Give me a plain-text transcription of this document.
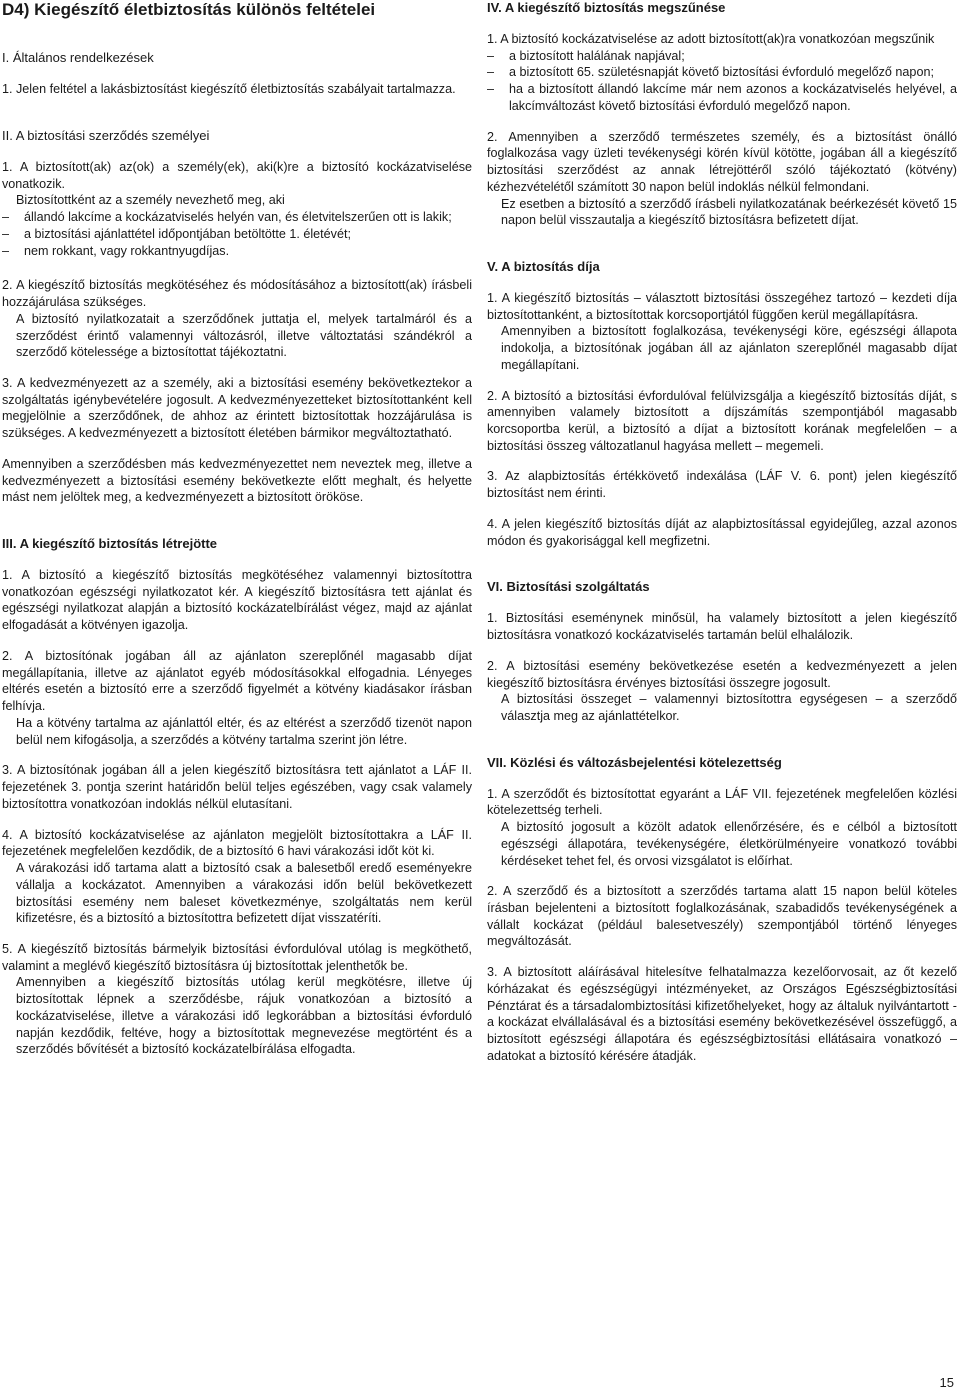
D4) Kiegészítő életbiztosítás különös feltételei
I. Általános rendelkezések

1. Jelen feltétel a lakásbiztosítást kiegészítő életbiztosítás szabályait tartalmazza.

II. A biztosítási szerződés személyei

1. A biztosított(ak) az(ok) a személy(ek), aki(k)re a biztosító kockázatviselése vonatkozik.

Biztosítottként az a személy nevezhető meg, aki

–	állandó lakcíme a kockázatviselés helyén van, és életvitelszerűen ott is lakik;
–	a biztosítási ajánlattétel időpontjában betöltötte 1. életévét;
–	nem rokkant, vagy rokkantnyugdíjas.

2. A kiegészítő biztosítás megkötéséhez és módosításához a biztosított(ak) írásbeli hozzájárulása szükséges.

A biztosító nyilatkozatait a szerződőnek juttatja el, melyek tartalmáról és a szerződést érintő valamennyi változásról, illetve változtatási szándékról a szerződő kötelessége a biztosítottat tájékoztatni.

3. A kedvezményezett az a személy, aki a biztosítási esemény bekövetkeztekor a szolgáltatás igénybevételére jogosult. A kedvezményezetteket biztosítottanként kell megjelölnie a szerződőnek, de ahhoz az érintett biztosítottak hozzájárulása is szükséges. A kedvezményezett a biztosított életében bármikor megváltoztatható.

Amennyiben a szerződésben más kedvezményezettet nem neveztek meg, illetve a kedvezményezett a biztosítási esemény bekövetkezte előtt meghalt, és helyette mást nem jelöltek meg, a kedvezményezett a biztosított örököse.

III. A kiegészítő biztosítás létrejötte

1. A biztosító a kiegészítő biztosítás megkötéséhez valamennyi biztosítottra vonatkozóan egészségi nyilatkozatot kér. A kiegészítő biztosításra tett ajánlat és egészségi nyilatkozat alapján a biztosító kockázatelbírálást végez, majd az ajánlat elfogadását a kötvényen igazolja.

2. A biztosítónak jogában áll az ajánlaton szereplőnél magasabb díjat megállapítania, illetve az ajánlatot egyéb módosításokkal elfogadnia. Lényeges eltérés esetén a biztosító erre a szerződő figyelmét a kötvény kiadásakor írásban felhívja.

Ha a kötvény tartalma az ajánlattól eltér, és az eltérést a szerződő tizenöt napon belül nem kifogásolja, a szerződés a kötvény tartalma szerint jön létre.

3. A biztosítónak jogában áll a jelen kiegészítő biztosításra tett ajánlatot a LÁF II. fejezetének 3. pontja szerint határidőn belül teljes egészében, vagy csak valamely biztosítottra vonatkozóan indoklás nélkül elutasítani.

4. A biztosító kockázatviselése az ajánlaton megjelölt biztosítottakra a LÁF II. fejezetének megfelelően kezdődik, de a biztosító 6 havi várakozási időt köt ki.

A várakozási idő tartama alatt a biztosító csak a balesetből eredő eseményekre vállalja a kockázatot. Amennyiben a várakozási időn belül bekövetkezett biztosítási esemény nem baleset következménye, szolgáltatás nem kerül kifizetésre, és a biztosító a biztosítottra befizetett díjat visszatéríti.

5. A kiegészítő biztosítás bármelyik biztosítási évfordulóval utólag is megköthető, valamint a meglévő kiegészítő biztosításra új biztosítottak jelenthetők be.

Amennyiben a kiegészítő biztosítás utólag kerül megkötésre, illetve új biztosítottak lépnek a szerződésbe, rájuk vonatkozóan a biztosító a kockázatviselése, illetve a várakozási idő legkorábban a biztosítási évforduló napján kezdődik, feltéve, hogy a biztosítottak megnevezése megtörtént és a szerződés bővítését a biztosító kockázatelbírálása elfogadta.

IV. A kiegészítő biztosítás megszűnése

1. A biztosító kockázatviselése az adott biztosított(ak)ra vonatkozóan megszűnik

–	a biztosított halálának napjával;
–	a biztosított 65. születésnapját követő biztosítási évforduló megelőző napon;
–	ha a biztosított állandó lakcíme már nem azonos a kockázatviselés helyével, a lakcímváltozást követő biztosítási évforduló megelőző napon.

2. Amennyiben a szerződő természetes személy, és a biztosítást önálló foglalkozása vagy üzleti tevékenységi körén kívül kötötte, jogában áll a kiegészítő biztosítási szerződést az annak létrejöttéről szóló tájékoztató (kötvény) kézhezvételétől számított 30 napon belül indoklás nélkül felmondani.

Ez esetben a biztosító a szerződő írásbeli nyilatkozatának beérkezését követő 15 napon belül visszautalja a kiegészítő biztosításra befizetett díjat.

V. A biztosítás díja

1. A kiegészítő biztosítás – választott biztosítási összegéhez tartozó – kezdeti díja biztosítottanként, a biztosítottak korcsoportjától függően kerül megállapításra.

Amennyiben a biztosított foglalkozása, tevékenységi köre, egészségi állapota indokolja, a biztosítónak jogában áll az ajánlaton szereplőnél magasabb díjat megállapítani.

2. A biztosító a biztosítási évfordulóval felülvizsgálja a kiegészítő biztosítás díját, s amennyiben valamely biztosított a díjszámítás szempontjából magasabb korcsoportba kerül, a biztosító a díjat a biztosított korának megfelelően – a biztosítási összeg változatlanul hagyása mellett – megemeli.

3. Az alapbiztosítás értékkövető indexálása (LÁF V. 6. pont) jelen kiegészítő biztosítást nem érinti.

4. A jelen kiegészítő biztosítás díját az alapbiztosítással egyidejűleg, azzal azonos módon és gyakorisággal kell megfizetni.

VI. Biztosítási szolgáltatás

1. Biztosítási eseménynek minősül, ha valamely biztosított a jelen kiegészítő biztosításra vonatkozó kockázatviselés tartamán belül elhalálozik.

2. A biztosítási esemény bekövetkezése esetén a kedvezményezett a jelen kiegészítő biztosításra érvényes biztosítási összegre jogosult.

A biztosítási összeget – valamennyi biztosítottra egységesen – a szerződő választja meg az ajánlattételkor.

VII. Közlési és változásbejelentési kötelezettség

1. A szerződőt és biztosítottat egyaránt a LÁF VII. fejezetének megfelelően közlési kötelezettség terheli.

A biztosító jogosult a közölt adatok ellenőrzésére, és e célból a biztosított egészségi állapotára, tevékenységére, életkörülményeire vonatkozó további kérdéseket tehet fel, és orvosi vizsgálatot is előírhat.

2. A szerződő és a biztosított a szerződés tartama alatt 15 napon belül köteles írásban bejelenteni a biztosított foglalkozásának, szabadidős tevékenységének a vállalt kockázat (például balesetveszély) szempontjából történő lényeges megváltozását.

3. A biztosított aláírásával hitelesítve felhatalmazza kezelőorvosait, az őt kezelő kórházakat és egészségügyi intézményeket, az Országos Egészségbiztosítási Pénztárat és a társadalombiztosítási kifizetőhelyeket, hogy az általuk nyilvántartott - a kockázat elvállalásával és a biztosítási esemény bekövetkezésével összefüggő, a biztosított egészségi állapotára és egészségbiztosítási ellátásaira vonatkozó – adatokat a biztosító kérésére átadják.

15
